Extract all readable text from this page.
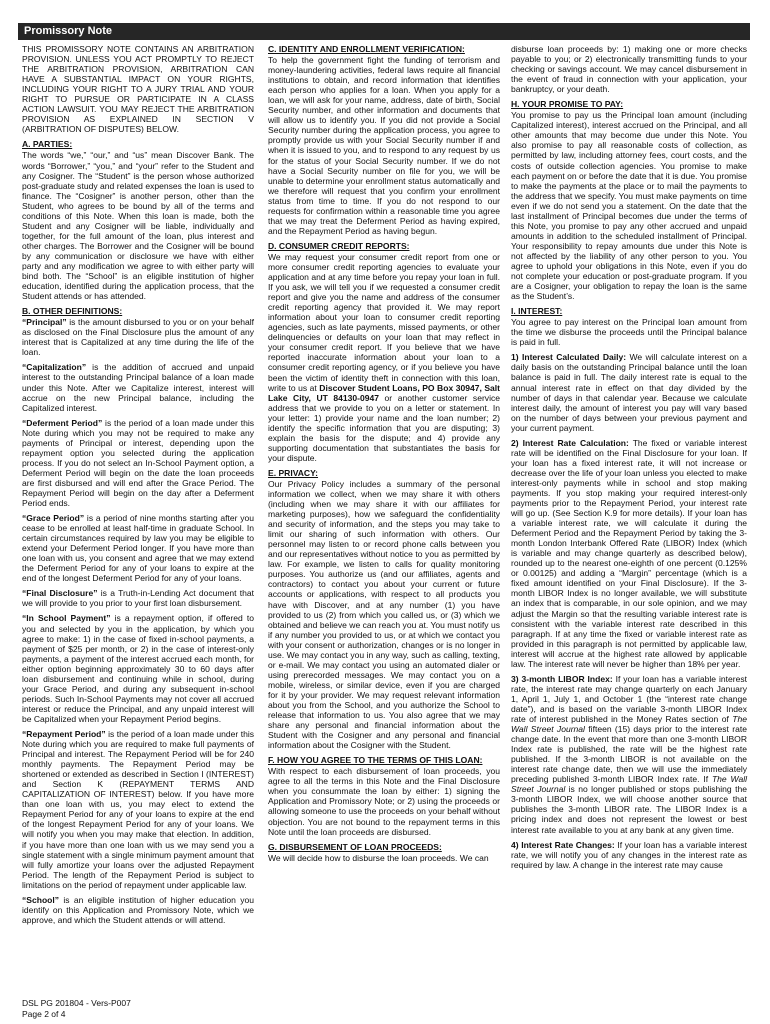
Promissory Note

THIS PROMISSORY NOTE CONTAINS AN ARBITRATION PROVISION. UNLESS YOU ACT PROMPTLY TO REJECT THE ARBITRATION PROVISION, ARBITRATION CAN HAVE A SUBSTANTIAL IMPACT ON YOUR RIGHTS, INCLUDING YOUR RIGHT TO A JURY TRIAL AND YOUR RIGHT TO PURSUE OR PARTICIPATE IN A CLASS ACTION LAWSUIT. YOU MAY REJECT THE ARBITRATION PROVISION AS EXPLAINED IN SECTION V (ARBITRATION OF DISPUTES) BELOW.

A. PARTIES:

The words “we,” “our,” and “us” mean Discover Bank. The words “Borrower,” “you,” and “your” refer to the Student and any Cosigner. The “Student” is the person whose authorized post-graduate study and related expenses the loan is used to finance. The “Cosigner” is another person, other than the Student, who agrees to be bound by all of the terms and conditions of this Note. When this loan is made, both the Student and any Cosigner will be liable, individually and together, for the full amount of the loan, plus interest and other charges. The Borrower and the Cosigner will be bound by any communication or disclosure we have with either party and any modification we agree to with either party will bind both. The “School” is an eligible institution of higher education, identified during the application process, that the Student attends or has attended.

B. OTHER DEFINITIONS:

“Principal” is the amount disbursed to you or on your behalf as disclosed on the Final Disclosure plus the amount of any interest that is Capitalized at any time during the life of the loan.

“Capitalization” is the addition of accrued and unpaid interest to the outstanding Principal balance of a loan made under this Note. After we Capitalize interest, interest will accrue on the new Principal balance, including the Capitalized interest.

“Deferment Period” is the period of a loan made under this Note during which you may not be required to make any payments of Principal or interest, depending upon the repayment option you selected during the application process. If you do not select an In-School Payment option, a Deferment Period will begin on the date the loan proceeds are first disbursed and will end after the Grace Period. The Repayment Period will begin on the day after a Deferment Period ends.

“Grace Period” is a period of nine months starting after you cease to be enrolled at least half-time in graduate School. In certain circumstances required by law you may be eligible to extend your Deferment Period longer. If you have more than one loan with us, you consent and agree that we may extend the Deferment Period for any of your loans to expire at the end of the longest Deferment Period for any of your loans.

“Final Disclosure” is a Truth-in-Lending Act document that we will provide to you prior to your first loan disbursement.

“In School Payment” is a repayment option, if offered to you and selected by you in the application, by which you agree to make: 1) in the case of fixed in-school payments, a payment of $25 per month, or 2) in the case of interest-only payments, a payment of the interest accrued each month, for either option beginning approximately 30 to 60 days after loan disbursement and continuing while in school, during your Grace Period, and during any subsequent in-school periods. Such In-School Payments may not cover all accrued interest or reduce the Principal, and any unpaid interest will be Capitalized when your Repayment Period begins.

“Repayment Period” is the period of a loan made under this Note during which you are required to make full payments of Principal and interest. The Repayment Period will be for 240 monthly payments. The Repayment Period may be shortened or extended as described in Section I (INTEREST) and Section K (REPAYMENT TERMS AND CAPITALIZATION OF INTEREST) below. If you have more than one loan with us, you may elect to extend the Repayment Period for any of your loans to expire at the end of the longest Repayment Period for any of your loans. We will notify you when you may make that election. In addition, if you have more than one loan with us we may send you a single statement with a single minimum payment amount that will fully amortize your loans over the adjusted Repayment Period. The length of the Repayment Period is subject to limitations on the period of repayment under applicable law.

“School” is an eligible institution of higher education you identify on this Application and Promissory Note, which we approve, and which the Student attends or will attend.

C. IDENTITY AND ENROLLMENT VERIFICATION:

To help the government fight the funding of terrorism and money-laundering activities, federal laws require all financial institutions to obtain, and record information that identifies each person who applies for a loan. When you apply for a loan, we will ask for your name, address, date of birth, Social Security number, and other information and documents that will allow us to identify you. If you did not provide a Social Security number during the application process, you agree to promptly provide us with your Social Security number if and when it is issued to you, and to respond to any request by us for the status of your Social Security number. If we do not have a Social Security number on file for you, we will be unable to determine your enrollment status automatically and we therefore will request that you confirm your enrollment status from time to time. If you do not respond to our requests for confirmation within a reasonable time you agree that we may treat the Deferment Period as having expired, and the Repayment Period as having begun.

D. CONSUMER CREDIT REPORTS:

We may request your consumer credit report from one or more consumer credit reporting agencies to evaluate your application and at any time before you repay your loan in full. If you ask, we will tell you if we requested a consumer credit report and give you the name and address of the consumer credit reporting agency that provided it. We may report information about your loan to consumer credit reporting agencies, such as late payments, missed payments, or other delinquencies or defaults on your loan that may reflect in your consumer credit report. If you believe that we have reported inaccurate information about your loan to a consumer credit reporting agency, or if you believe you have been the victim of identity theft in connection with this loan, write to us at Discover Student Loans, PO Box 30947, Salt Lake City, UT 84130-0947 or another customer service address that we provide to you on a letter or statement. In your letter: 1) provide your name and the loan number; 2) identify the specific information that you are disputing; 3) explain the basis for the dispute; and 4) provide any supporting documentation that substantiates the basis for your dispute.

E. PRIVACY:

Our Privacy Policy includes a summary of the personal information we collect, when we may share it with others (including when we may share it with our affiliates for marketing purposes), how we safeguard the confidentiality and security of information, and the steps you may take to limit our sharing of such information with others. Our personnel may listen to or record phone calls between you and our representatives without notice to you as permitted by law. For example, we listen to calls for quality monitoring purposes. You authorize us (and our affiliates, agents and contractors) to contact you about your current or future accounts or applications, with respect to all products you have with Discover, and at any number (1) you have provided to us (2) from which you called us, or (3) which we obtained and believe we can reach you at. You must notify us if any number you provided to us, or at which we contact you with your consent or authorization, changes or is no longer in use. We may contact you in any way, such as calling, texting, or e-mail. We may contact you using an automated dialer or using prerecorded messages. We may contact you on a mobile, wireless, or similar device, even if you are charged for it by your provider. We may request relevant information about you from the School, and you authorize the School to release that information to us. You also agree that we may share any personal and financial information about the Student with the Cosigner and any personal and financial information about the Cosigner with the Student.

F. HOW YOU AGREE TO THE TERMS OF THIS LOAN:

With respect to each disbursement of loan proceeds, you agree to all the terms in this Note and the Final Disclosure when you consummate the loan by either: 1) signing the Application and Promissory Note; or 2) using the proceeds or allowing someone to use the proceeds on your behalf without objection. You are not bound to the repayment terms in this Note until the loan proceeds are disbursed.

G. DISBURSEMENT OF LOAN PROCEEDS:

We will decide how to disburse the loan proceeds. We can

disburse loan proceeds by: 1) making one or more checks payable to you; or 2) electronically transmitting funds to your checking or savings account. We may cancel disbursement in the event of fraud in connection with your application, your bankruptcy, or your death.

H. YOUR PROMISE TO PAY:

You promise to pay us the Principal loan amount (including Capitalized interest), interest accrued on the Principal, and all other amounts that may become due under this Note. You also promise to pay all reasonable costs of collection, as permitted by law, including attorney fees, court costs, and the costs of outside collection agencies. You promise to make each payment on or before the date that it is due. You promise to make the payments at the place or to mail the payments to the address that we specify. You must make payments on time even if we do not send you a statement. On the date that the last installment of Principal becomes due under the terms of this Note, you promise to pay any other accrued and unpaid amounts in addition to the scheduled installment of Principal. Your responsibility to repay amounts due under this Note is not affected by the liability of any other person to you. You agree to uphold your obligations in this Note, even if you do not complete your education or post-graduate program. If you are a Cosigner, your obligation to repay the loan is the same as the Student’s.

I. INTEREST:

You agree to pay interest on the Principal loan amount from the time we disburse the proceeds until the Principal balance is paid in full.

1) Interest Calculated Daily: We will calculate interest on a daily basis on the outstanding Principal balance until the loan balance is paid in full. The daily interest rate is equal to the annual interest rate in effect on that day divided by the number of days in that calendar year. Because we calculate interest daily, the amount of interest you pay will vary based on the number of days between your previous payment and your current payment.

2) Interest Rate Calculation: The fixed or variable interest rate will be identified on the Final Disclosure for your loan. If your loan has a fixed interest rate, it will not increase or decrease over the life of your loan unless you elected to make interest-only payments while in school and stop making payments. If you stop making your required interest-only payments prior to the Repayment Period, your interest rate will go up. (See Section K.9 for more details). If your loan has a variable interest rate, we will calculate it during the Deferment Period and the Repayment Period by taking the 3-month London Interbank Offered Rate (LIBOR) Index (which is variable and may change quarterly as described below), rounded up to the nearest one-eighth of one percent (0.125% or 0.00125) and adding a “Margin” percentage (which is a fixed amount identified on your Final Disclosure). If the 3-month LIBOR Index is no longer available, we will substitute an index that is comparable, in our sole opinion, and we may adjust the Margin so that the resulting variable interest rate is consistent with the variable interest rate described in this paragraph. If at any time the fixed or variable interest rate as provided in this paragraph is not permitted by applicable law, interest will accrue at the highest rate allowed by applicable law. The interest rate will never be higher than 18% per year.

3) 3-month LIBOR Index: If your loan has a variable interest rate, the interest rate may change quarterly on each January 1, April 1, July 1, and October 1 (the “interest rate change date”), and is based on the variable 3-month LIBOR Index rate of interest published in the Money Rates section of The Wall Street Journal fifteen (15) days prior to the interest rate change date. In the event that more than one 3-month LIBOR Index rate is published, the rate will be the highest rate published. If the 3-month LIBOR is not available on the interest rate change date, then we will use the immediately preceding published 3-month LIBOR Index rate. If The Wall Street Journal is no longer published or stops publishing the 3-month LIBOR Index, we will choose another source that publishes the 3-month LIBOR rate. The LIBOR Index is a pricing index and does not represent the lowest or best interest rate available to you at any bank at any given time.

4) Interest Rate Changes: If your loan has a variable interest rate, we will notify you of any changes in the interest rate as required by law. A change in the interest rate may cause

DSL PG 201804 - Vers-P007
Page 2 of 4
